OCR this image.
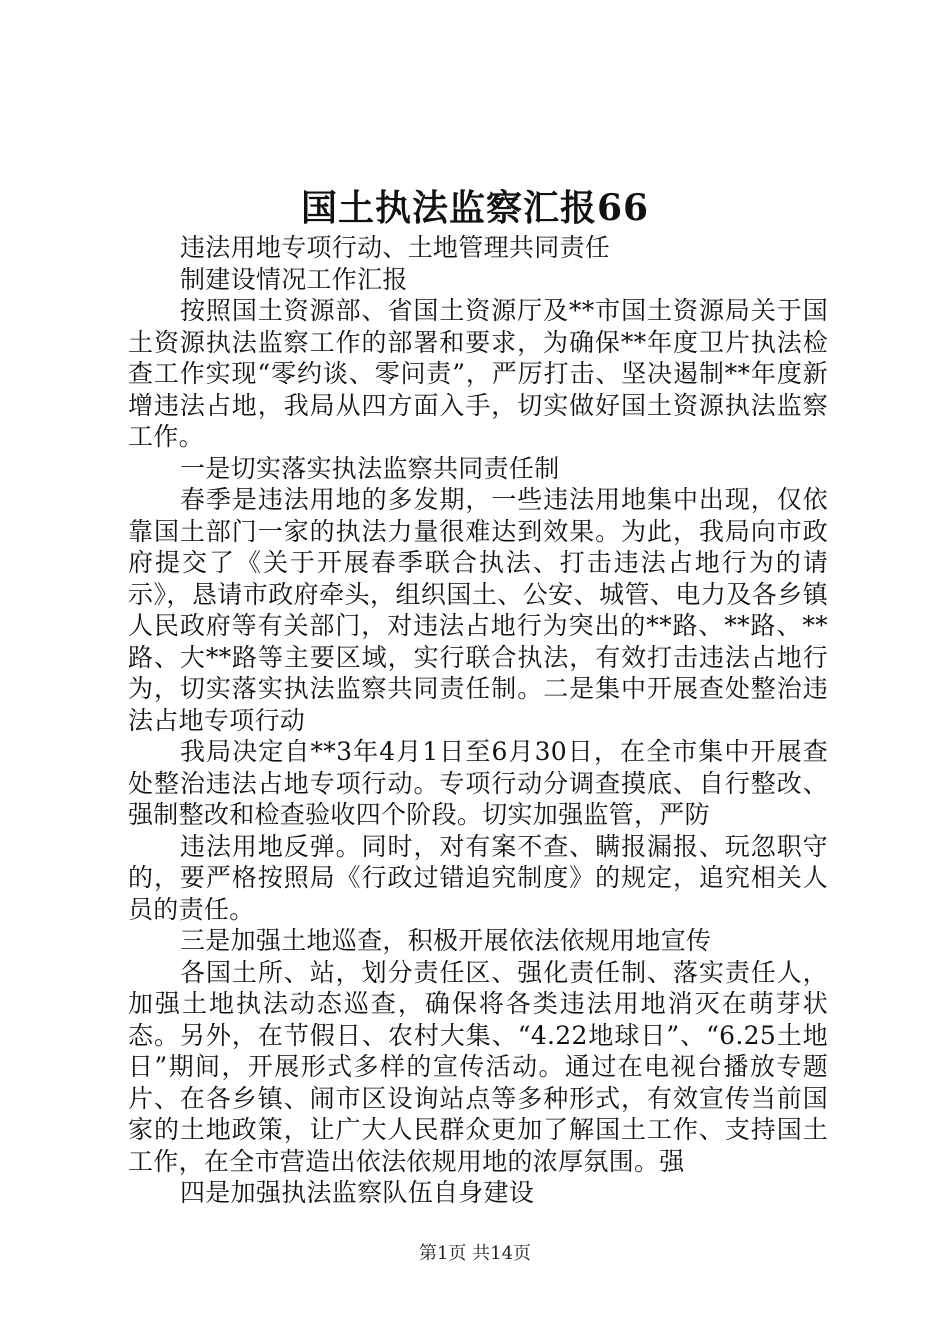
国土执法监察汇报66

违法用地专项行动、土地管理共同责任

制建设情况工作汇报

按照国土资源部、省国土资源厅及**市国土资源局关于国土资源执法监察工作的部署和要求，为确保**年度卫片执法检查工作实现“零约谈、零问责”，严厉打击、坚决遏制**年度新增违法占地，我局从四方面入手，切实做好国土资源执法监察工作。

一是切实落实执法监察共同责任制

春季是违法用地的多发期，一些违法用地集中出现，仅依靠国土部门一家的执法力量很难达到效果。为此，我局向市政府提交了《关于开展春季联合执法、打击违法占地行为的请示》，恳请市政府牵头，组织国土、公安、城管、电力及各乡镇人民政府等有关部门，对违法占地行为突出的**路、**路、**路、大**路等主要区域，实行联合执法，有效打击违法占地行为，切实落实执法监察共同责任制。二是集中开展查处整治违法占地专项行动

我局决定自**3年4月1日至6月30日，在全市集中开展查处整治违法占地专项行动。专项行动分调查摸底、自行整改、强制整改和检查验收四个阶段。切实加强监管，严防

违法用地反弹。同时，对有案不查、瞒报漏报、玩忽职守的，要严格按照局《行政过错追究制度》的规定，追究相关人员的责任。

三是加强土地巡查，积极开展依法依规用地宣传

各国土所、站，划分责任区、强化责任制、落实责任人，加强土地执法动态巡查，确保将各类违法用地消灭在萌芽状态。另外，在节假日、农村大集、“4.22地球日”、“6.25土地日”期间，开展形式多样的宣传活动。通过在电视台播放专题片、在各乡镇、闹市区设询站点等多种形式，有效宣传当前国家的土地政策，让广大人民群众更加了解国土工作、支持国土工作，在全市营造出依法依规用地的浓厚氛围。强

四是加强执法监察队伍自身建设

第1页 共14页
